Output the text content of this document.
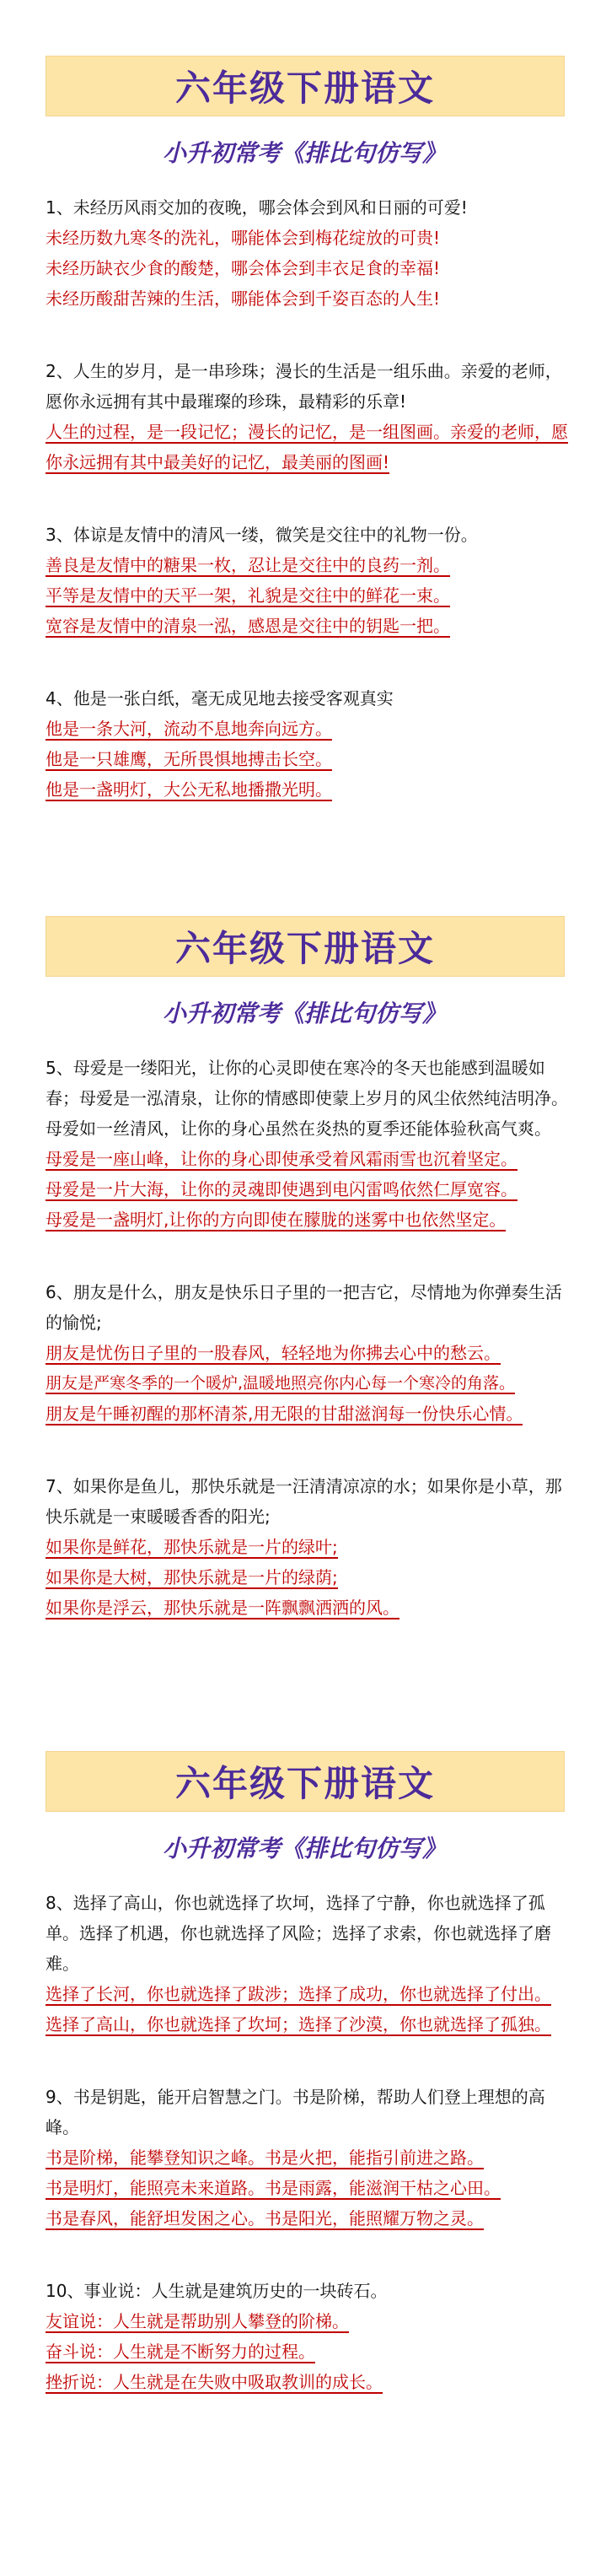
六年级下册语文
小升初常考《排比句仿写》

1、未经历风雨交加的夜晚，哪会体会到风和日丽的可爱!

未经历数九寒冬的洗礼，哪能体会到梅花绽放的可贵!

未经历缺衣少食的酸楚，哪会体会到丰衣足食的幸福!

未经历酸甜苦辣的生活，哪能体会到千姿百态的人生!

2、人生的岁月，是一串珍珠；漫长的生活是一组乐曲。亲爱的老师，愿你永远拥有其中最璀璨的珍珠，最精彩的乐章!

人生的过程，是一段记忆；漫长的记忆，是一组图画。亲爱的老师，愿你永远拥有其中最美好的记忆，最美丽的图画!

3、体谅是友情中的清风一缕，微笑是交往中的礼物一份。

善良是友情中的糖果一枚，忍让是交往中的良药一剂。

平等是友情中的天平一架，礼貌是交往中的鲜花一束。

宽容是友情中的清泉一泓，感恩是交往中的钥匙一把。

4、他是一张白纸，毫无成见地去接受客观真实

他是一条大河，流动不息地奔向远方。

他是一只雄鹰，无所畏惧地搏击长空。

他是一盏明灯，大公无私地播撒光明。

六年级下册语文
小升初常考《排比句仿写》

5、母爱是一缕阳光，让你的心灵即使在寒冷的冬天也能感到温暖如春；母爱是一泓清泉，让你的情感即使蒙上岁月的风尘依然纯洁明净。母爱如一丝清风，让你的身心虽然在炎热的夏季还能体验秋高气爽。

母爱是一座山峰，让你的身心即使承受着风霜雨雪也沉着坚定。

母爱是一片大海，让你的灵魂即使遇到电闪雷鸣依然仁厚宽容。

母爱是一盏明灯,让你的方向即使在朦胧的迷雾中也依然坚定。

6、朋友是什么，朋友是快乐日子里的一把吉它，尽情地为你弹奏生活的愉悦;

朋友是忧伤日子里的一股春风，轻轻地为你拂去心中的愁云。

朋友是严寒冬季的一个暖炉,温暖地照亮你内心每一个寒冷的角落。

朋友是午睡初醒的那杯清茶,用无限的甘甜滋润每一份快乐心情。

7、如果你是鱼儿，那快乐就是一汪清清凉凉的水；如果你是小草，那快乐就是一束暖暖香香的阳光;

如果你是鲜花，那快乐就是一片的绿叶;

如果你是大树，那快乐就是一片的绿荫;

如果你是浮云，那快乐就是一阵飘飘洒洒的风。

六年级下册语文
小升初常考《排比句仿写》

8、选择了高山，你也就选择了坎坷，选择了宁静，你也就选择了孤单。选择了机遇，你也就选择了风险；选择了求索，你也就选择了磨难。

选择了长河，你也就选择了跋涉；选择了成功，你也就选择了付出。

选择了高山，你也就选择了坎坷；选择了沙漠，你也就选择了孤独。

9、书是钥匙，能开启智慧之门。书是阶梯，帮助人们登上理想的高峰。

书是阶梯，能攀登知识之峰。书是火把，能指引前进之路。

书是明灯，能照亮未来道路。书是雨露，能滋润干枯之心田。

书是春风，能舒坦发困之心。书是阳光，能照耀万物之灵。

10、事业说：人生就是建筑历史的一块砖石。

友谊说：人生就是帮助别人攀登的阶梯。

奋斗说：人生就是不断努力的过程。

挫折说：人生就是在失败中吸取教训的成长。
